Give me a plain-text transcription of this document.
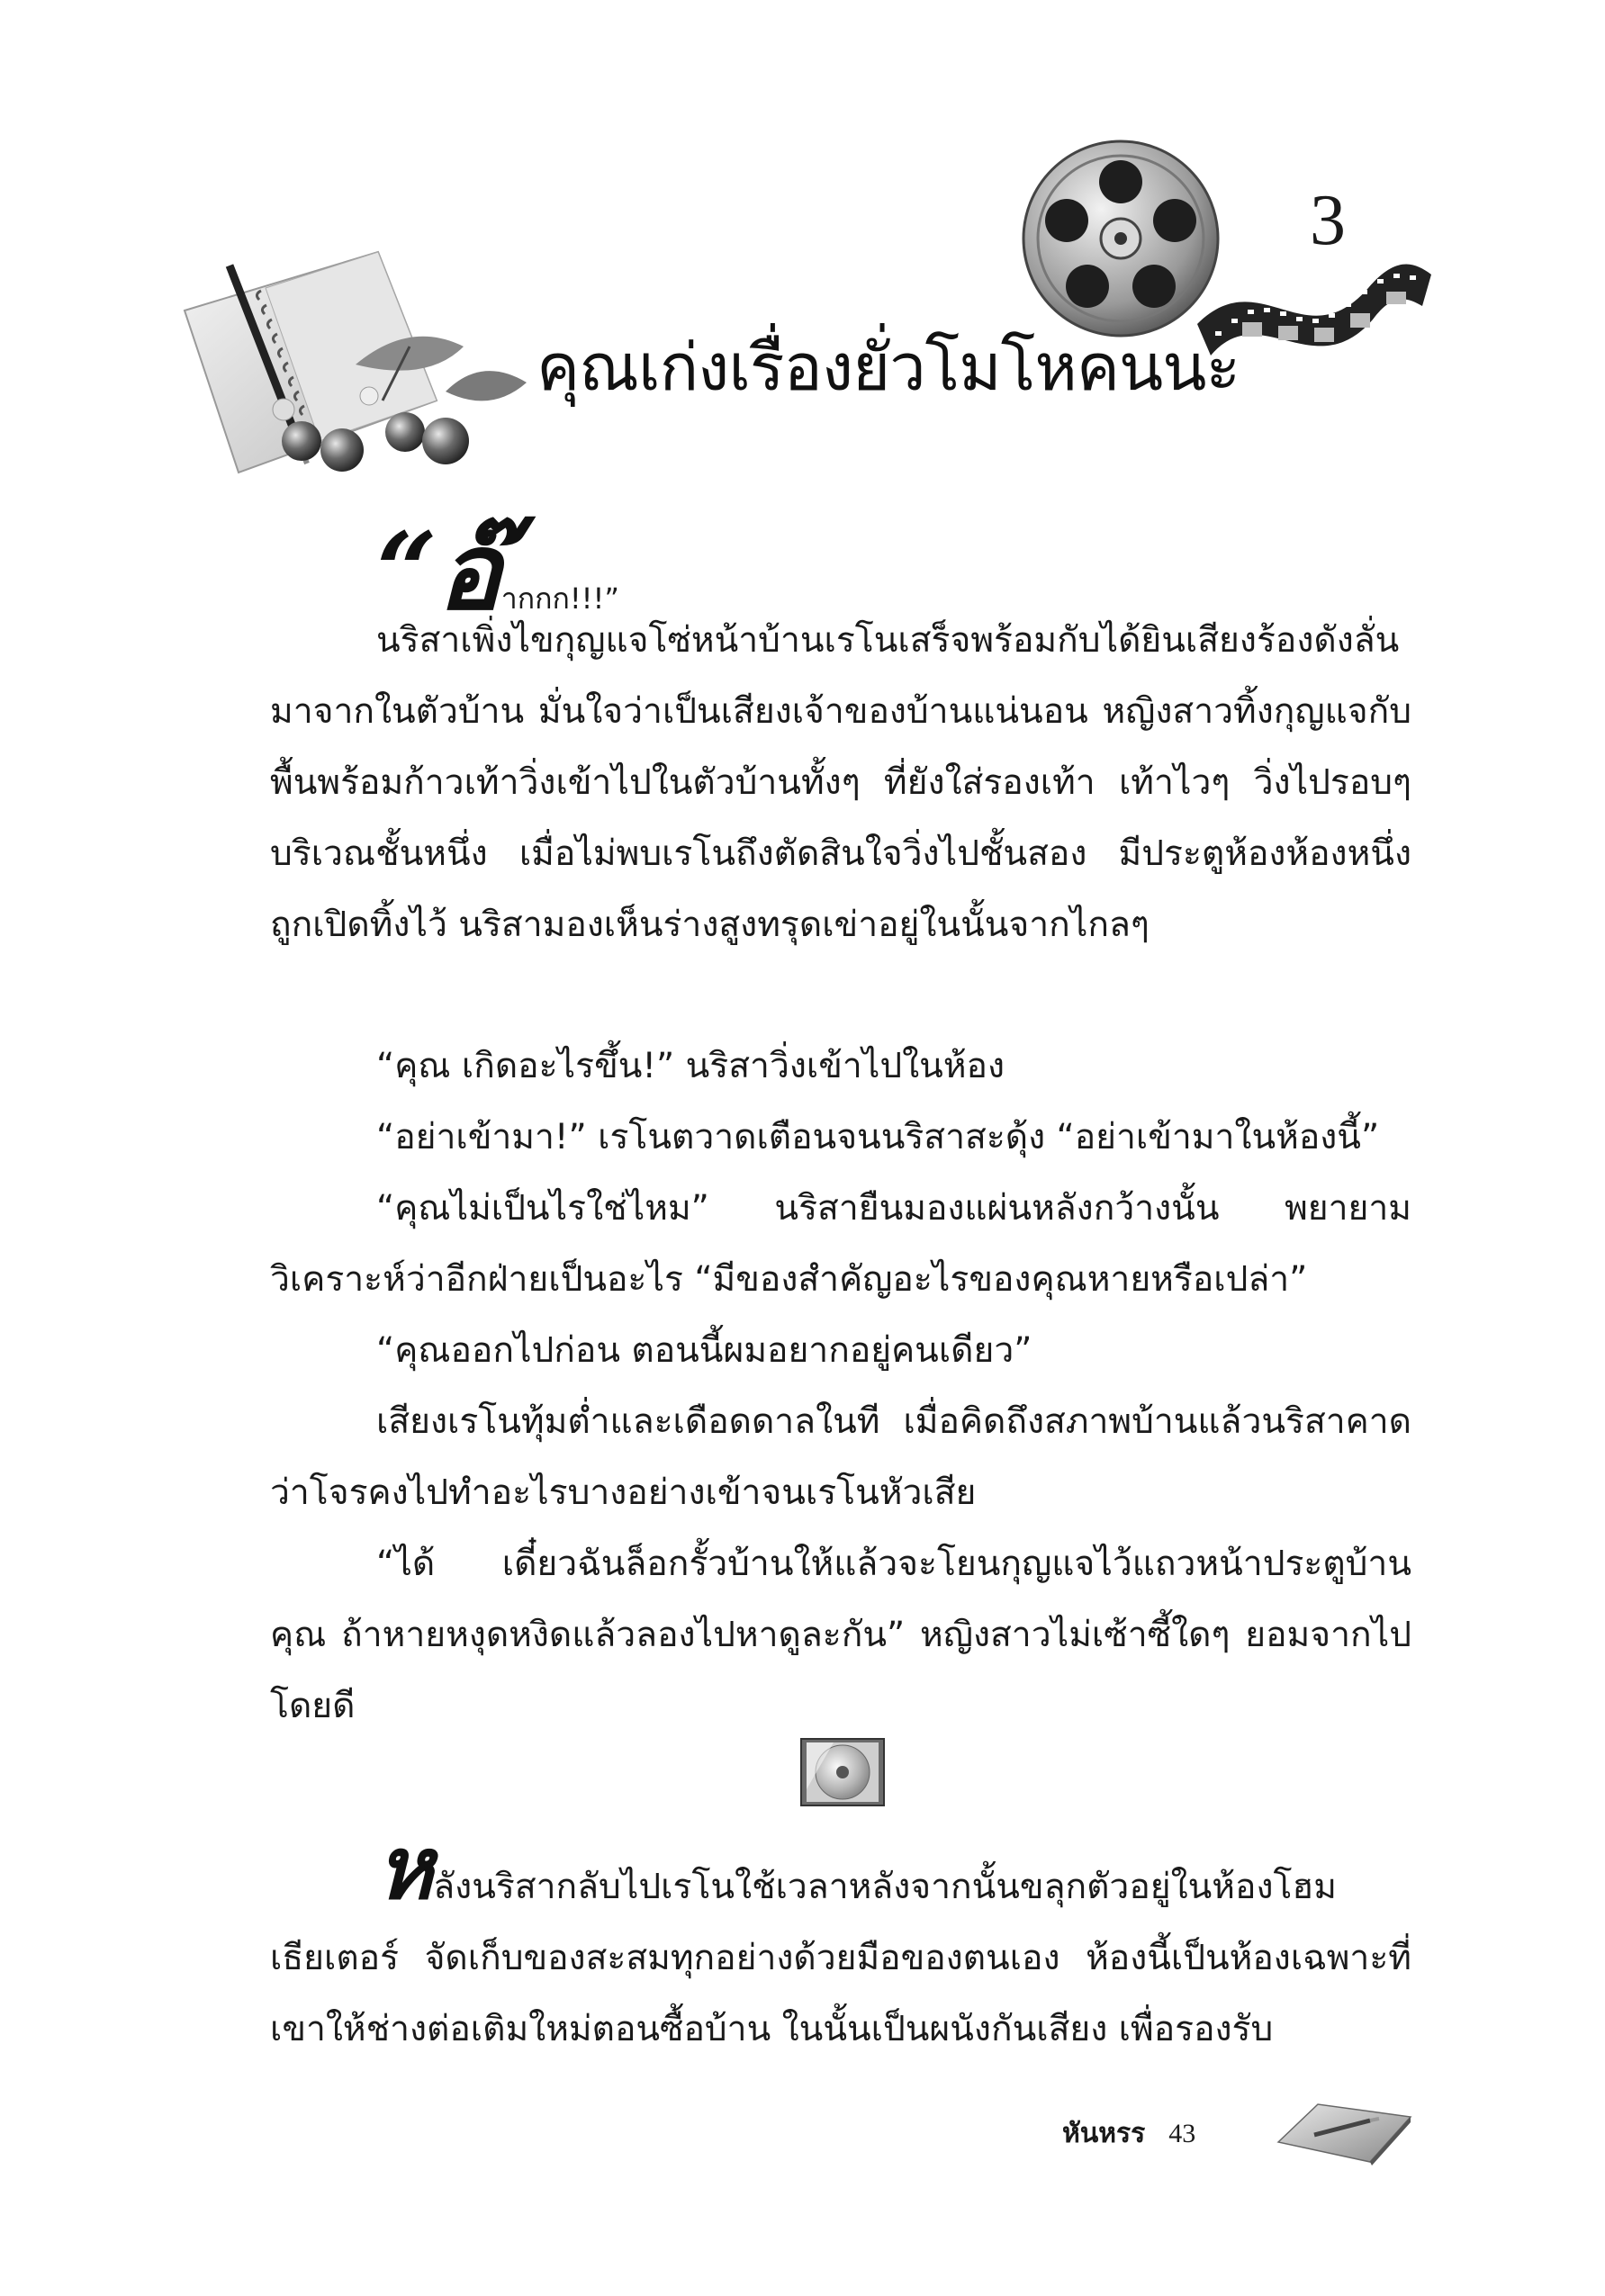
3
คุณเก่งเรื่องยั่วโมโหคนนะ
“อ๊ากกก!!!”

นริสาเพิ่งไขกุญแจโซ่หน้าบ้านเรโนเสร็จพร้อมกับได้ยินเสียงร้องดังลั่นมาจากในตัวบ้าน มั่นใจว่าเป็นเสียงเจ้าของบ้านแน่นอน หญิงสาวทิ้งกุญแจกับพื้นพร้อมก้าวเท้าวิ่งเข้าไปในตัวบ้านทั้งๆ ที่ยังใส่รองเท้า เท้าไวๆ วิ่งไปรอบๆ บริเวณชั้นหนึ่ง เมื่อไม่พบเรโนถึงตัดสินใจวิ่งไปชั้นสอง มีประตูห้องห้องหนึ่งถูกเปิดทิ้งไว้ นริสามองเห็นร่างสูงทรุดเข่าอยู่ในนั้นจากไกลๆ

“คุณ เกิดอะไรขึ้น!” นริสาวิ่งเข้าไปในห้อง

“อย่าเข้ามา!” เรโนตวาดเตือนจนนริสาสะดุ้ง “อย่าเข้ามาในห้องนี้”

“คุณไม่เป็นไรใช่ไหม” นริสายืนมองแผ่นหลังกว้างนั้น พยายามวิเคราะห์ว่าอีกฝ่ายเป็นอะไร “มีของสำคัญอะไรของคุณหายหรือเปล่า”

“คุณออกไปก่อน ตอนนี้ผมอยากอยู่คนเดียว”

เสียงเรโนทุ้มต่ำและเดือดดาลในที เมื่อคิดถึงสภาพบ้านแล้วนริสาคาดว่าโจรคงไปทำอะไรบางอย่างเข้าจนเรโนหัวเสีย

“ได้ เดี๋ยวฉันล็อกรั้วบ้านให้แล้วจะโยนกุญแจไว้แถวหน้าประตูบ้านคุณ ถ้าหายหงุดหงิดแล้วลองไปหาดูละกัน” หญิงสาวไม่เซ้าซี้ใดๆ ยอมจากไปโดยดี

หลังนริสากลับไปเรโนใช้เวลาหลังจากนั้นขลุกตัวอยู่ในห้องโฮมเธียเตอร์ จัดเก็บของสะสมทุกอย่างด้วยมือของตนเอง ห้องนี้เป็นห้องเฉพาะที่เขาให้ช่างต่อเติมใหม่ตอนซื้อบ้าน ในนั้นเป็นผนังกันเสียง เพื่อรองรับ

หันหรร 43
